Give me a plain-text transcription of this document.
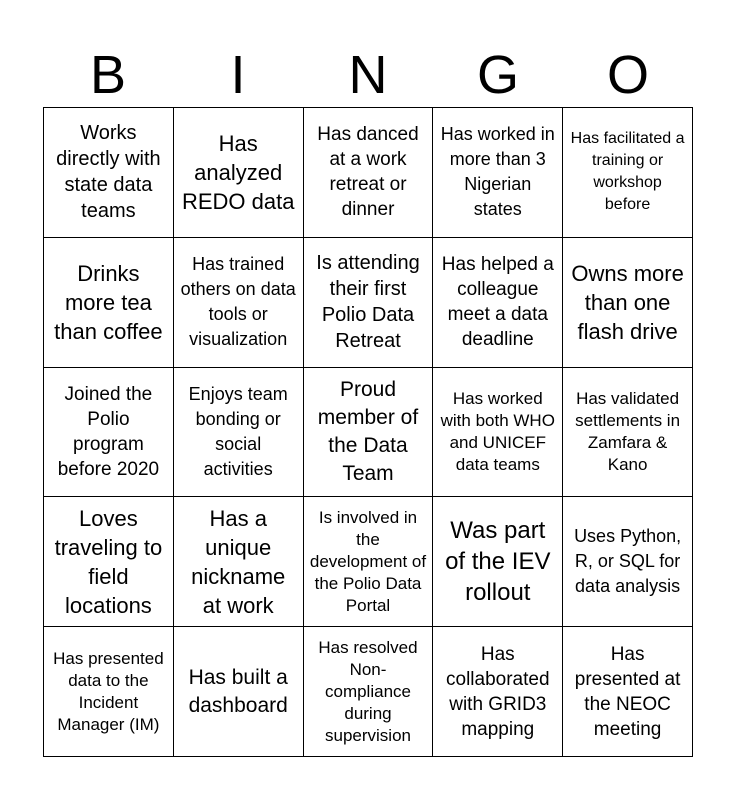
B	I	N	G	O
Works directly with state data teams
Has analyzed REDO data
Has danced at a work retreat or dinner
Has worked in more than 3 Nigerian states
Has facilitated a training or workshop before
Drinks more tea than coffee
Has trained others on data tools or visualization
Is attending their first Polio Data Retreat
Has helped a colleague meet a data deadline
Owns more than one flash drive
Joined the Polio program before 2020
Enjoys team bonding or social activities
Proud member of the Data Team
Has worked with both WHO and UNICEF data teams
Has validated settlements in Zamfara & Kano
Loves traveling to field locations
Has a unique nickname at work
Is involved in the development of the Polio Data Portal
Was part of the IEV rollout
Uses Python, R, or SQL for data analysis
Has presented data to the Incident Manager (IM)
Has built a dashboard
Has resolved Non-compliance during supervision
Has collaborated with GRID3 mapping
Has presented at the NEOC meeting
